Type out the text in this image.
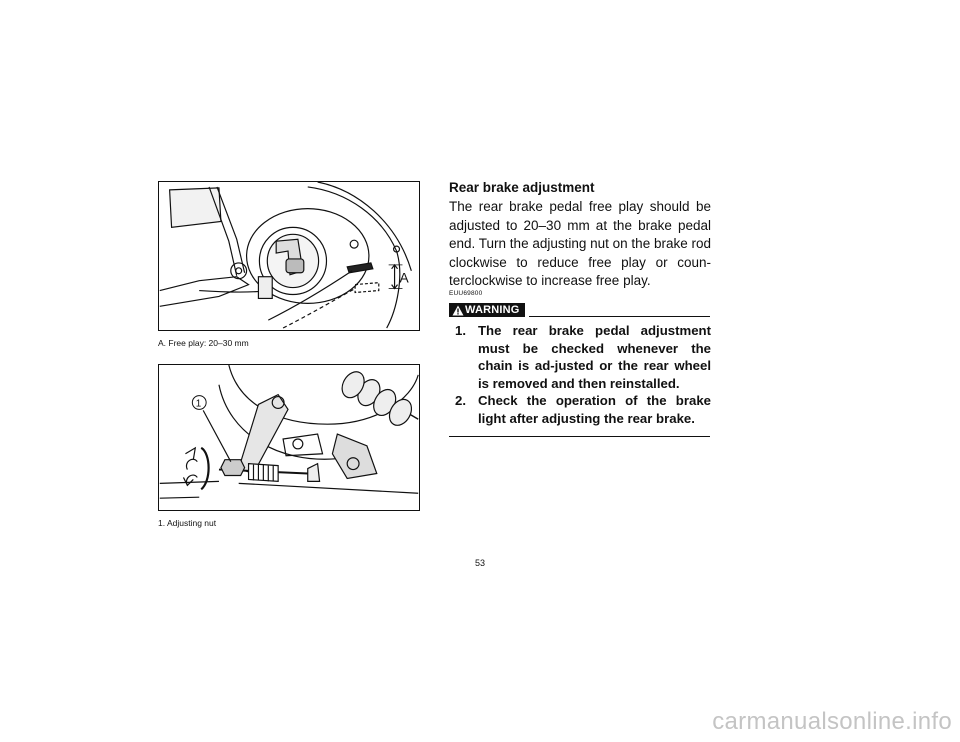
A
A. Free play: 20–30 mm
1
1. Adjusting nut
Rear brake adjustment

The rear brake pedal free play should be adjusted to 20–30 mm at the brake pedal end. Turn the adjusting nut on the brake rod clockwise to reduce free play or coun-terclockwise to increase free play.

EUU69800
WARNING
1. The rear brake pedal adjustment must be checked whenever the chain is ad-justed or the rear wheel is removed and then reinstalled.
2. Check the operation of the brake light after adjusting the rear brake.
53
carmanualsonline.info
